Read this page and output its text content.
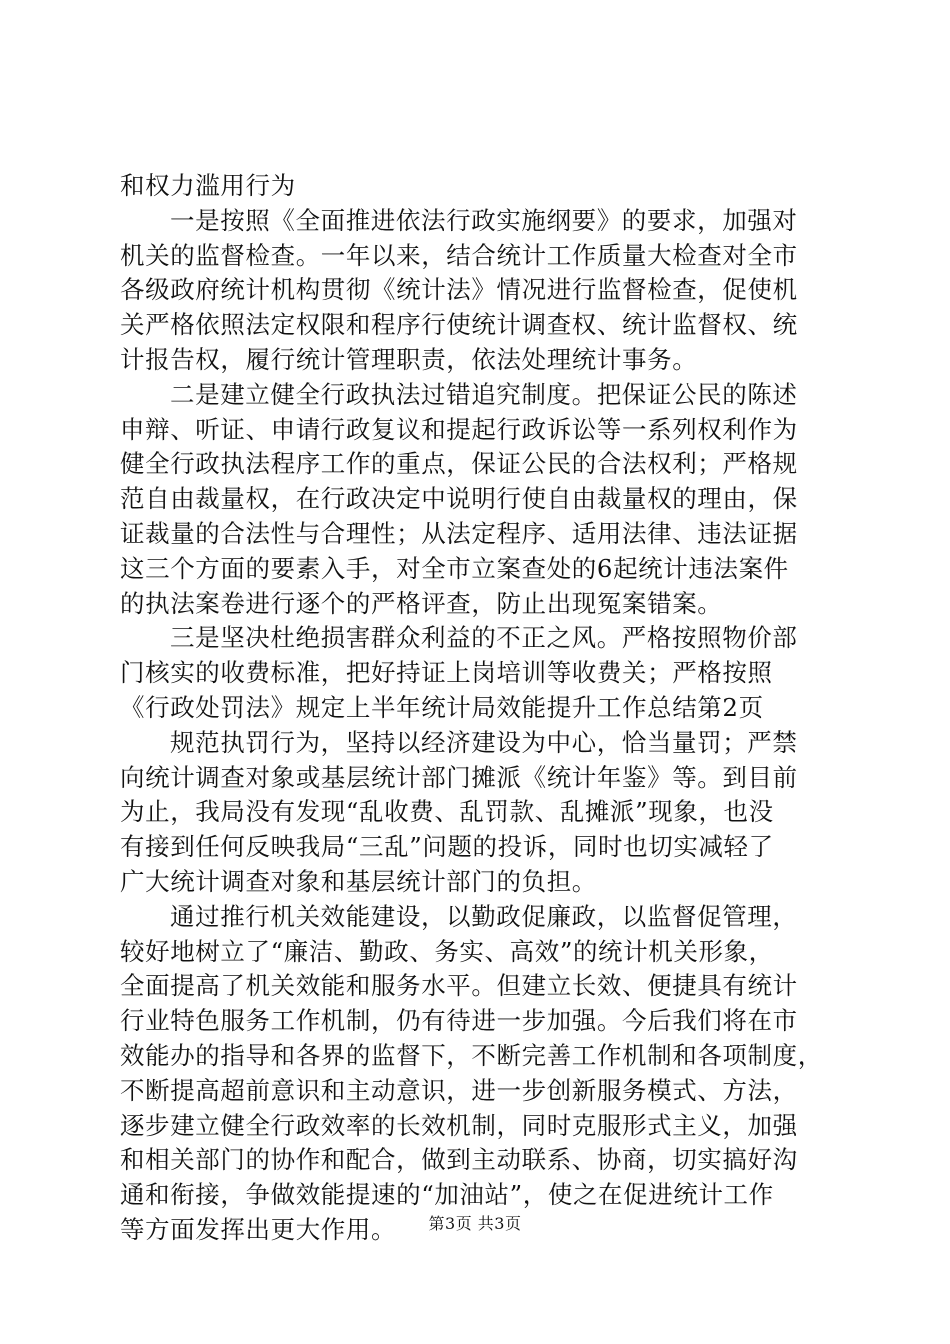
和权力滥用行为
一是按照《全面推进依法行政实施纲要》的要求，加强对
机关的监督检查。一年以来，结合统计工作质量大检查对全市
各级政府统计机构贯彻《统计法》情况进行监督检查，促使机
关严格依照法定权限和程序行使统计调查权、统计监督权、统
计报告权，履行统计管理职责，依法处理统计事务。
二是建立健全行政执法过错追究制度。把保证公民的陈述
申辩、听证、申请行政复议和提起行政诉讼等一系列权利作为
健全行政执法程序工作的重点，保证公民的合法权利；严格规
范自由裁量权，在行政决定中说明行使自由裁量权的理由，保
证裁量的合法性与合理性；从法定程序、适用法律、违法证据
这三个方面的要素入手，对全市立案查处的6起统计违法案件
的执法案卷进行逐个的严格评查，防止出现冤案错案。
三是坚决杜绝损害群众利益的不正之风。严格按照物价部
门核实的收费标准，把好持证上岗培训等收费关；严格按照
《行政处罚法》规定上半年统计局效能提升工作总结第2页
规范执罚行为，坚持以经济建设为中心，恰当量罚；严禁
向统计调查对象或基层统计部门摊派《统计年鉴》等。到目前
为止，我局没有发现“乱收费、乱罚款、乱摊派”现象，也没
有接到任何反映我局“三乱”问题的投诉，同时也切实减轻了
广大统计调查对象和基层统计部门的负担。
通过推行机关效能建设，以勤政促廉政，以监督促管理，
较好地树立了“廉洁、勤政、务实、高效”的统计机关形象，
全面提高了机关效能和服务水平。但建立长效、便捷具有统计
行业特色服务工作机制，仍有待进一步加强。今后我们将在市
效能办的指导和各界的监督下，不断完善工作机制和各项制度，
不断提高超前意识和主动意识，进一步创新服务模式、方法，
逐步建立健全行政效率的长效机制，同时克服形式主义，加强
和相关部门的协作和配合，做到主动联系、协商，切实搞好沟
通和衔接，争做效能提速的“加油站”，使之在促进统计工作
等方面发挥出更大作用。	第3页 共3页
